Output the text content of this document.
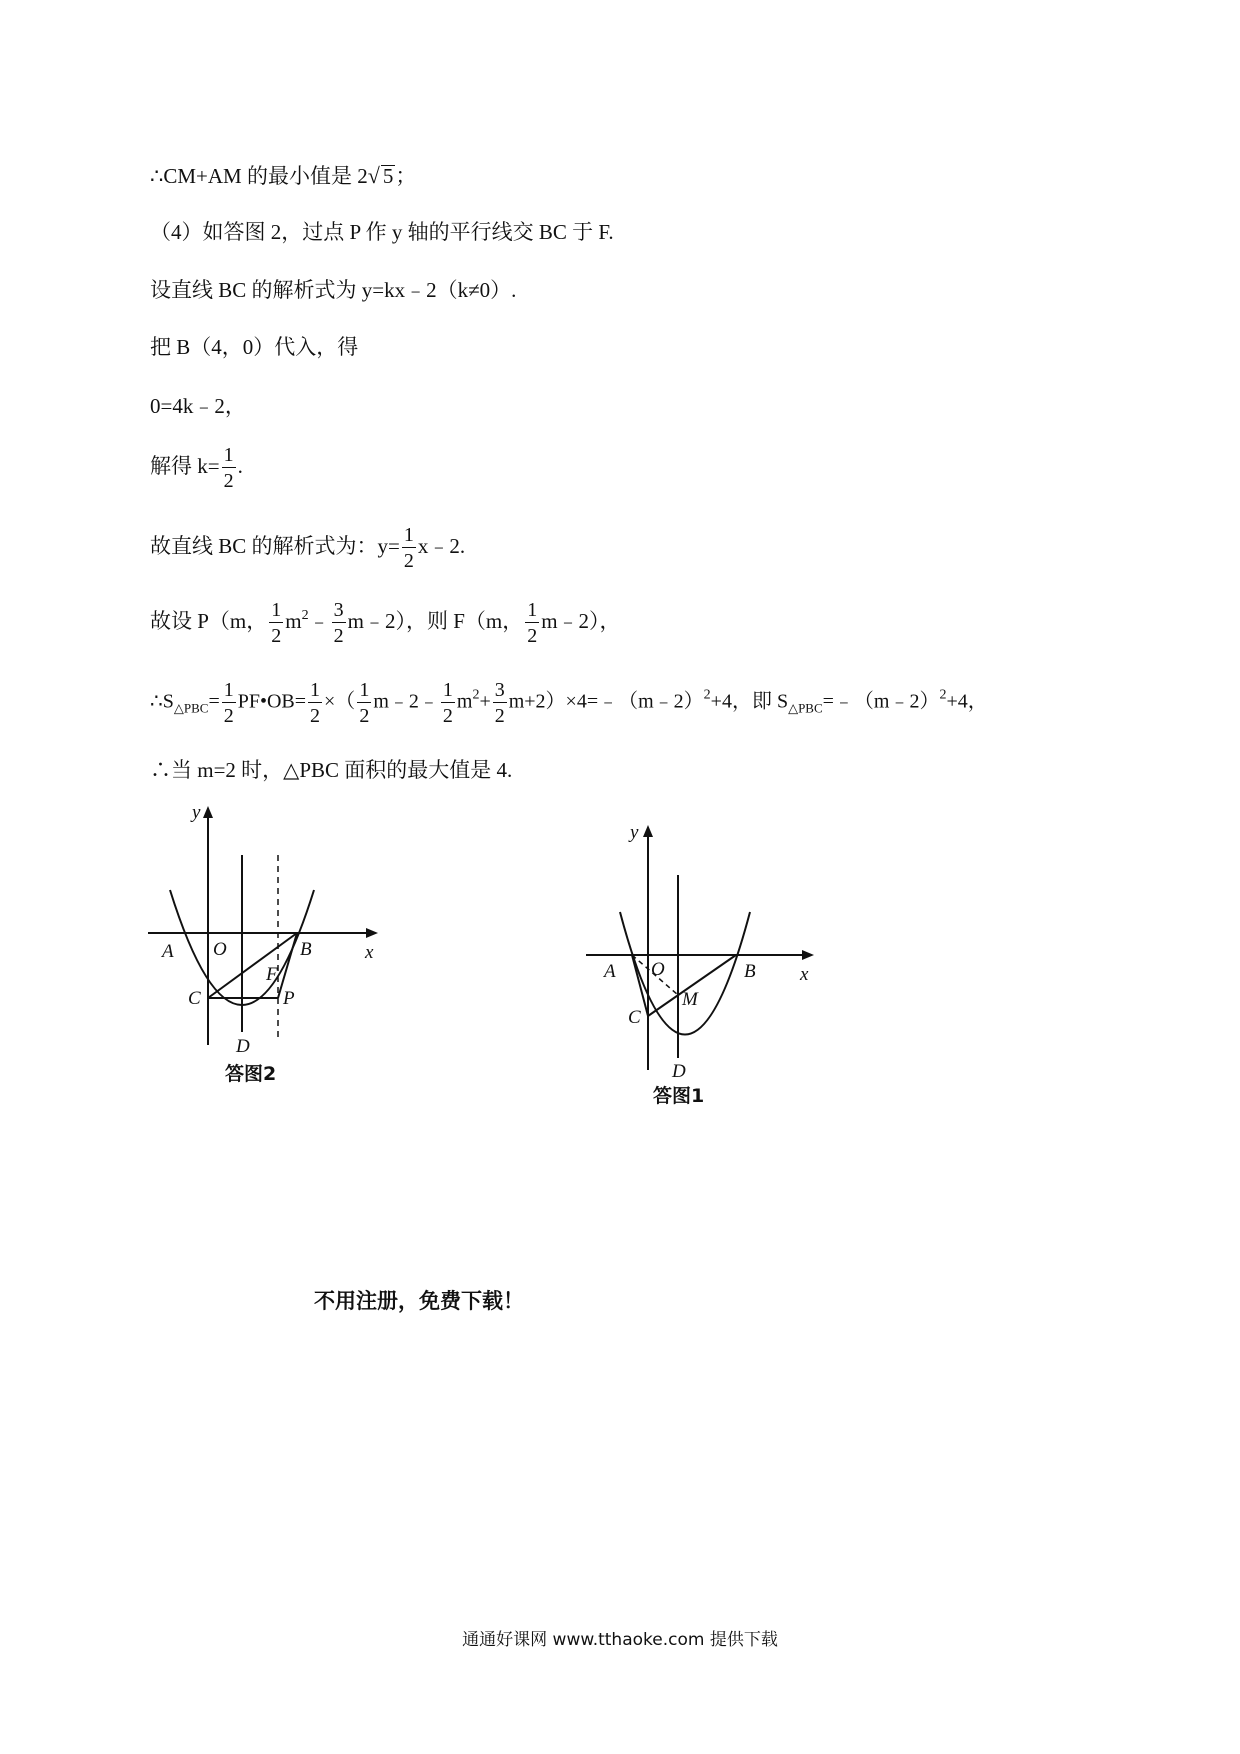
∴CM+AM 的最小值是 2√ 5；
（4）如答图 2，过点 P 作 y 轴的平行线交 BC 于 F.
设直线 BC 的解析式为 y=kx﹣2（k≠0）.
把 B（4，0）代入，得
0=4k﹣2，
解得 $k= \frac{1}{2}$ .
故直线 BC 的解析式为：$y= \frac{1}{2}$ x﹣2.
故设 P（m， $\frac{1}{2}$ $m^2﹣ \frac{3}{2}$ m﹣2），则 F（m， $\frac{1}{2}$ m﹣2），
$\therefore S_{\triangle PBC}= \frac{1}{2}$ PF•OB= $\frac{1}{2}$ ×（ $\frac{1}{2}$ m﹣2﹣ $\frac{1}{2} m^2+ \frac{3}{2}$ m+2）×4=﹣（m﹣2）$^2$+4，即 $S_{\triangle PBC}=﹣(m﹣2)^2+4$，
∴当 m=2 时，△PBC 面积的最大值是 4.
y
x
A O	B
C
F
P
D
答图2
y
x
A O	B
C
M
D
答图1
不用注册，免费下载！
通通好课网 www.tthaoke.com 提供下载
